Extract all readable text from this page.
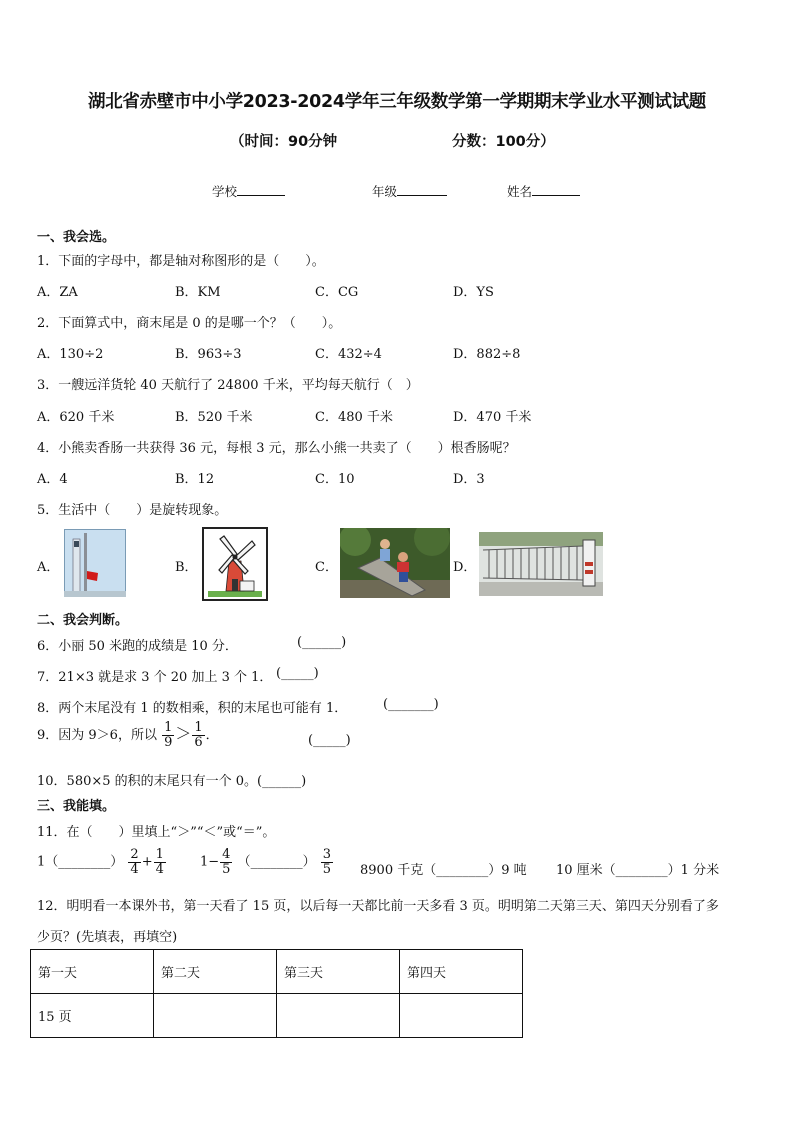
湖北省赤壁市中小学2023-2024学年三年级数学第一学期期末学业水平测试试题
（时间：90分钟	分数：100分）
学校	年级	姓名
一、我会选。
1．下面的字母中，都是轴对称图形的是（　　）。
A．ZA	B．KM	C．CG	D．YS
2．下面算式中，商末尾是 0 的是哪一个？（　　）。
A．130÷2	B．963÷3	C．432÷4	D．882÷8
3．一艘远洋货轮 40 天航行了 24800 千米，平均每天航行（　）
A．620 千米	B．520 千米	C．480 千米	D．470 千米
4．小熊卖香肠一共获得 36 元，每根 3 元，那么小熊一共卖了（　　）根香肠呢？
A．4	B．12	C．10	D．3
5．生活中（　　）是旋转现象。
A．	B．	C．	D．
二、我会判断。
6．小丽 50 米跑的成绩是 10 分．	(______)
7．21×3 就是求 3 个 20 加上 3 个 1． (_____)
8．两个末尾没有 1 的数相乘，积的末尾也可能有 1．	(_______)
9．因为 9＞6，所以 $\frac{1}{9} > \frac{1}{6}$ ．	(_____)
10．580×5 的积的末尾只有一个 0。(______)
三、我能填。
11．在（　　）里填上“＞”“＜”或“＝”。
1（________） $\frac{2}{4} + \frac{1}{4}$	$1- \frac{4}{5}$ （________） $\frac{3}{5} 8900$ 千克（________）9 吨 10 厘米（________）1 分米
12．明明看一本课外书，第一天看了 15 页，以后每一天都比前一天多看 3 页。明明第二天第三天、第四天分别看了多
少页？(先填表，再填空)
第一天	第二天	第三天	第四天
15 页			
